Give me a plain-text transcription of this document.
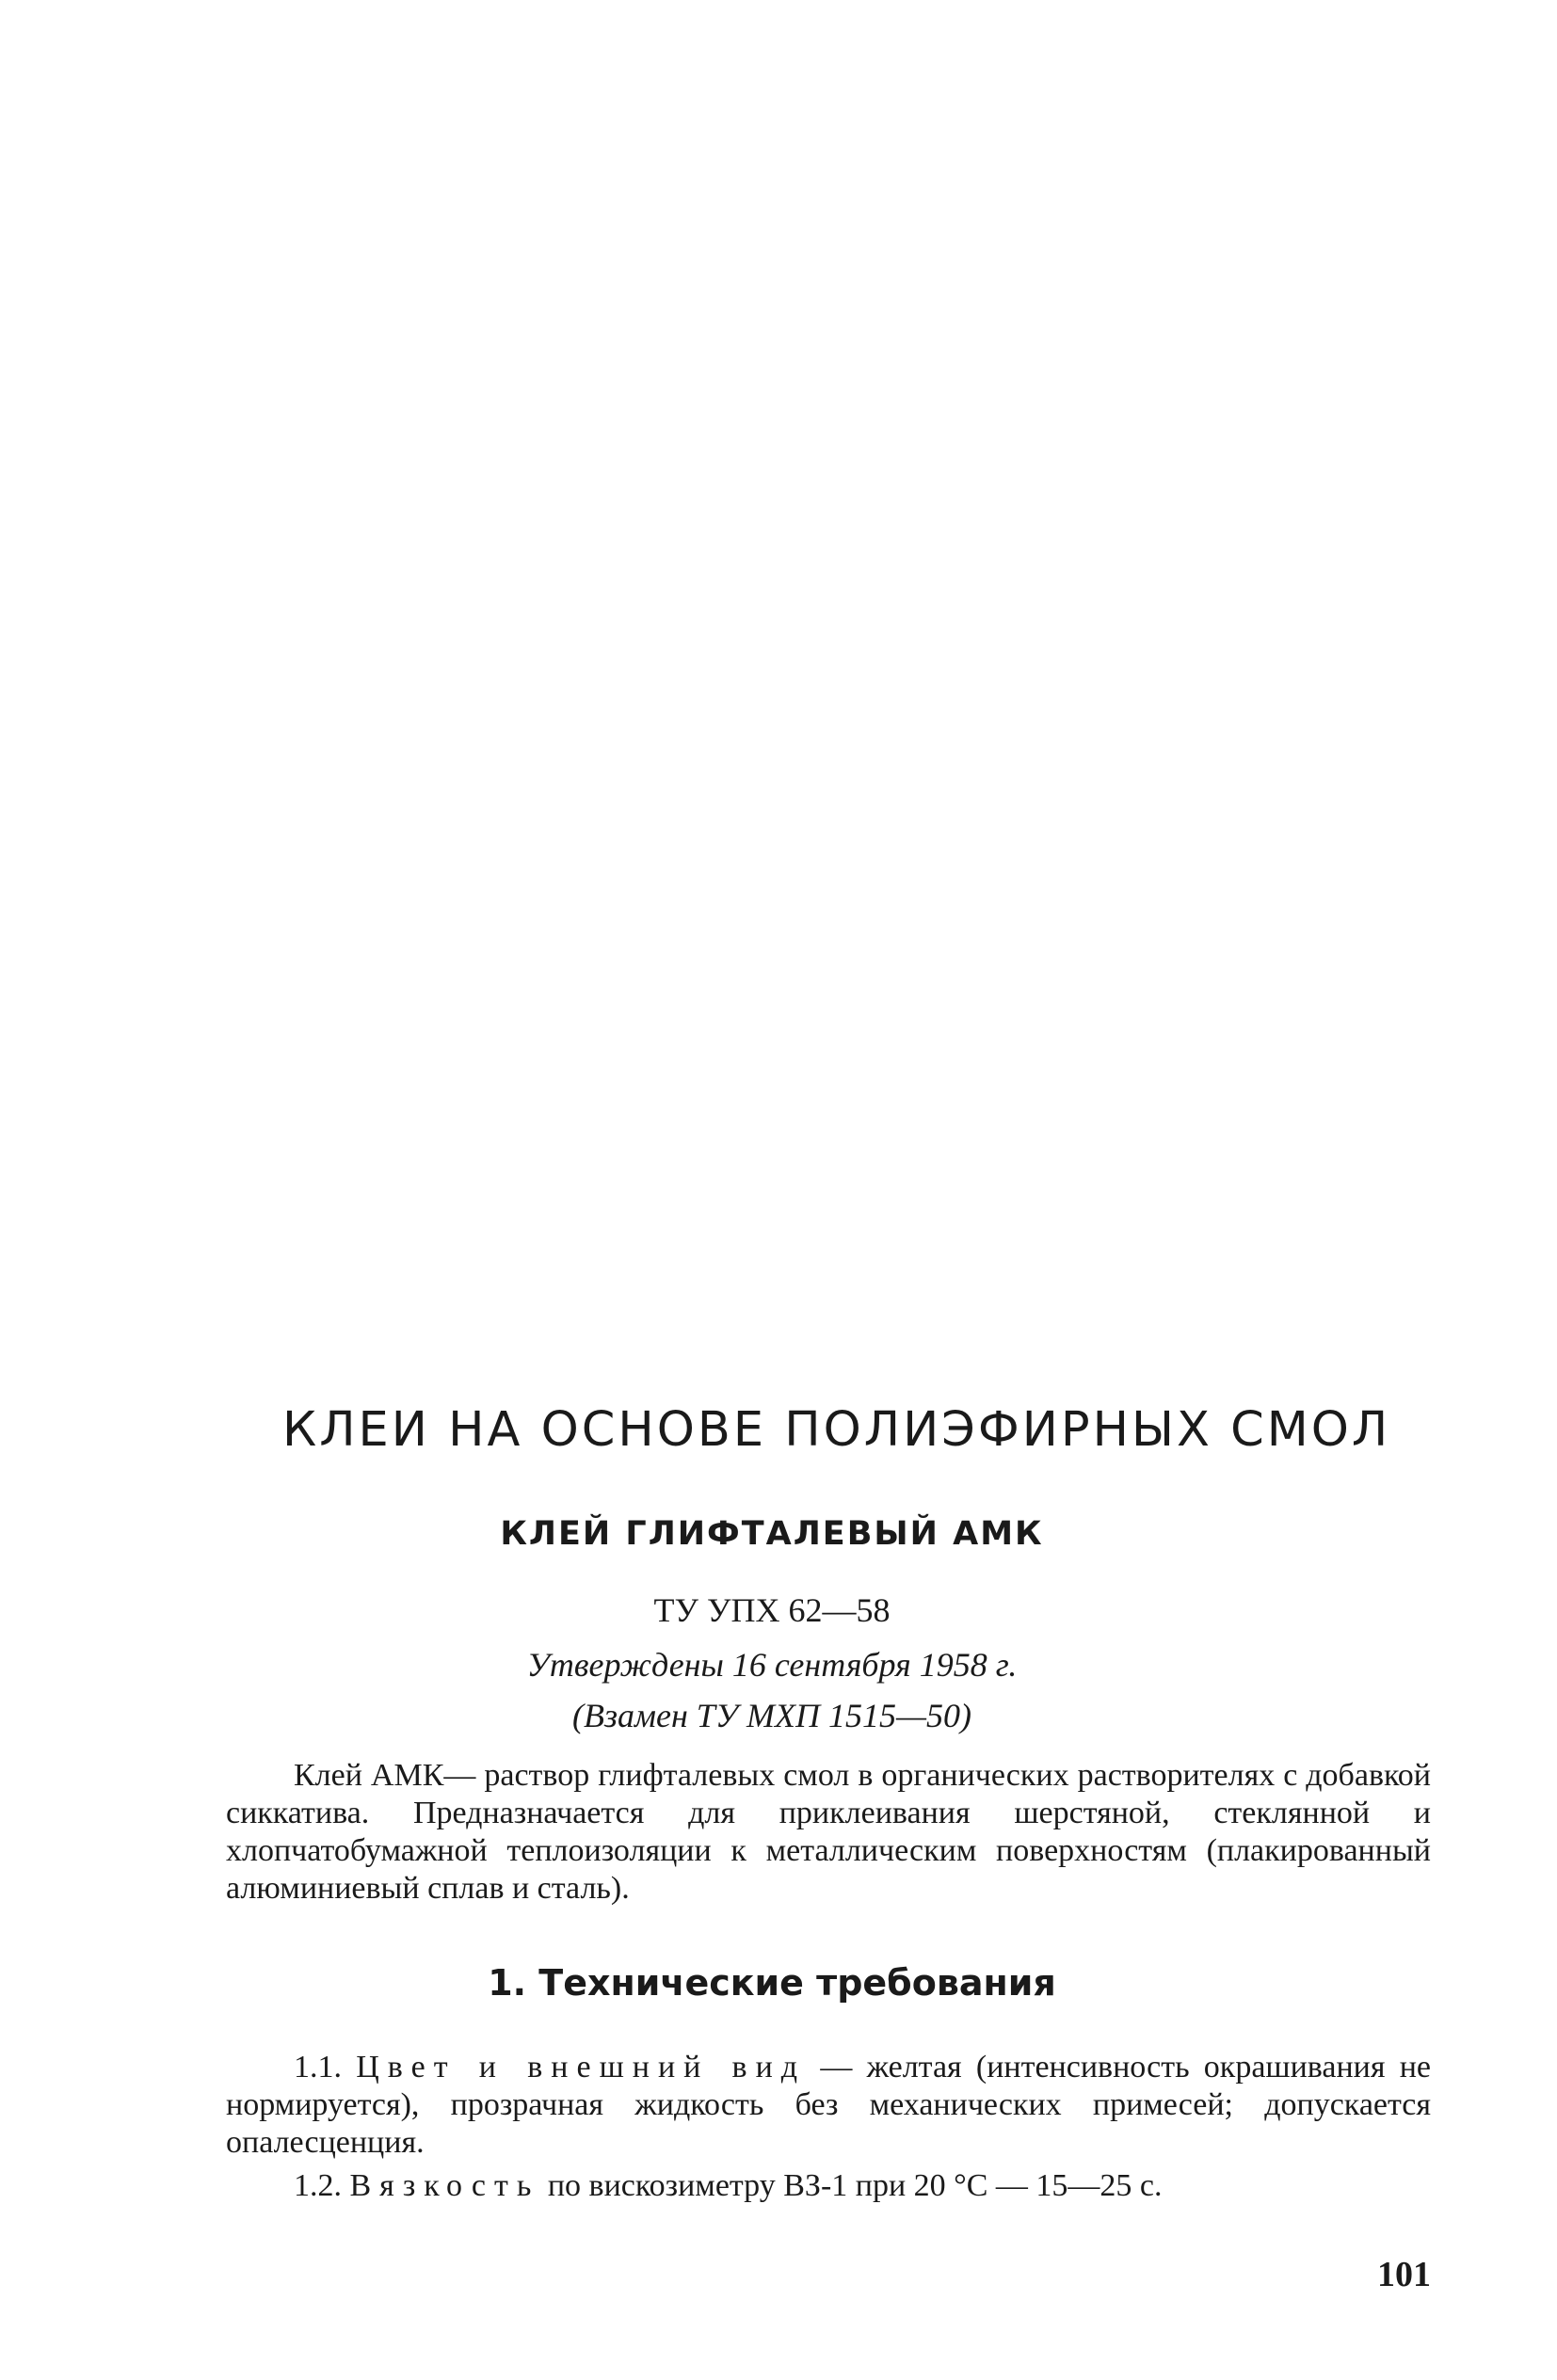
КЛЕИ НА ОСНОВЕ ПОЛИЭФИРНЫХ СМОЛ
КЛЕЙ ГЛИФТАЛЕВЫЙ АМК
ТУ УПХ 62—58
Утверждены 16 сентября 1958 г.
(Взамен ТУ МХП 1515—50)

Клей АМК— раствор глифталевых смол в органических растворителях с добавкой сиккатива. Предназначается для приклеивания шерстяной, стеклянной и хлопчатобумажной теплоизоляции к металлическим поверхностям (плакированный алюминиевый сплав и сталь).

1. Технические требования

1.1. Цвет и внешний вид — желтая (интенсивность окрашивания не нормируется), прозрачная жидкость без механических примесей; допускается опалесценция.

1.2. Вязкость по вискозиметру ВЗ-1 при 20 °С — 15—25 с.

101
